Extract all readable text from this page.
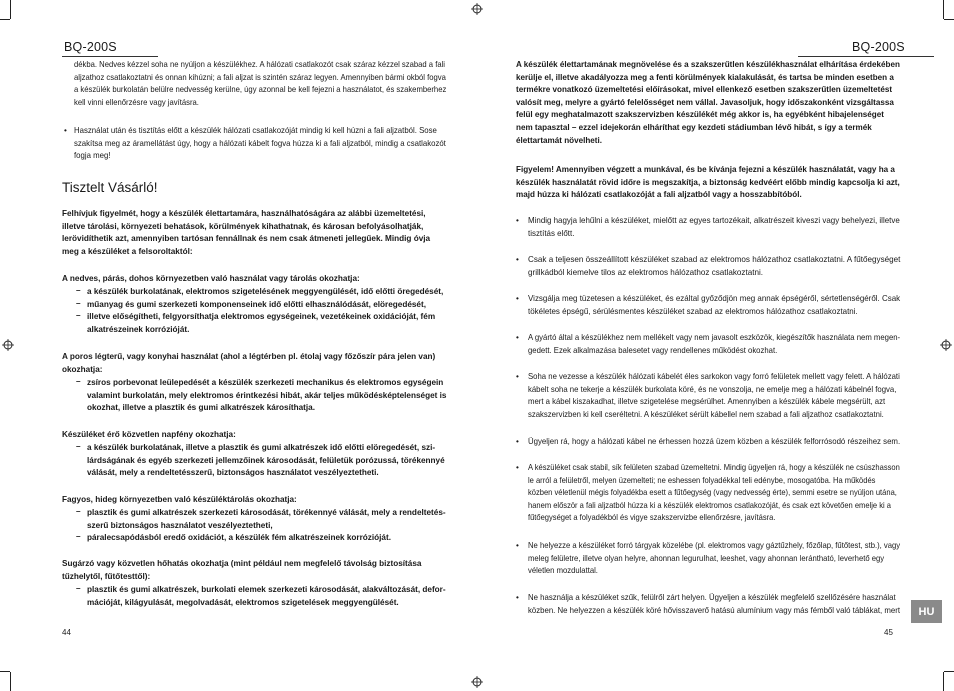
BQ-200S

dékba. Nedves kézzel soha ne nyúljon a készülékhez. A hálózati csatlakozót csak száraz kézzel szabad a fali

aljzathoz csatlakoztatni és onnan kihúzni; a fali aljzat is szintén száraz legyen. Amennyiben bármi okból fogva

a készülék burkolatán belülre nedvesség kerülne, úgy azonnal be kell fejezni a használatot, és szakemberhez

kell vinni ellenőrzésre vagy javításra.

• Használat után és tisztítás előtt a készülék hálózati csatlakozóját mindig ki kell húzni a fali aljzatból. Sose

szakítsa meg az áramellátást úgy, hogy a hálózati kábelt fogva húzza ki a fali aljzatból, mindig a csatlakozót

fogja meg!

Tisztelt Vásárló!

Felhívjuk figyelmét, hogy a készülék élettartamára, használhatóságára az alábbi üzemeltetési,

illetve tárolási, környezeti behatások, körülmények kihathatnak, és károsan befolyásolhatják,

lerövidíthetik azt, amennyiben tartósan fennállnak és nem csak átmeneti jellegűek. Mindig óvja

meg a készüléket a felsoroltaktól:

A nedves, párás, dohos környezetben való használat vagy tárolás okozhatja:
– a készülék burkolatának, elektromos szigetelésének meggyengülését, idő előtti öregedését,

– műanyag és gumi szerkezeti komponenseinek idő előtti elhasználódását, elöregedését,

– illetve előségítheti, felgyorsíthatja elektromos egységeinek, vezetékeinek oxidációját, fém

alkatrészeinek korrózióját.

A poros légterű, vagy konyhai használat (ahol a légtérben pl. étolaj vagy főzőszír pára jelen van)

okozhatja:

– zsíros porbevonat leülepedését a készülék szerkezeti mechanikus és elektromos egységein

valamint burkolatán, mely elektromos érintkezési hibát, akár teljes működésképtelenséget is

okozhat, illetve a plasztik és gumi alkatrészek károsíthatja.

Készüléket érő közvetlen napfény okozhatja:
– a készülék burkolatának, illetve a plasztik és gumi alkatrészek idő előtti elöregedését, szi-

lárdságának és egyéb szerkezeti jellemzőinek károsodását, felületük porózussá, törékennyé

válását, mely a rendeltetésszerű, biztonságos használatot veszélyeztetheti.

Fagyos, hideg környezetben való készüléktárolás okozhatja:
– plasztik és gumi alkatrészek szerkezeti károsodását, törékennyé válását, mely a rendeltetés-

szerű biztonságos használatot veszélyeztetheti,

– páralecsapódásból eredő oxidációt, a készülék fém alkatrészeinek korrózióját.

Sugárzó vagy közvetlen hőhatás okozhatja (mint például nem megfelelő távolság biztosítása

tűzhelytől, fűtőtesttől):

– plasztik és gumi alkatrészek, burkolati elemek szerkezeti károsodását, alakváltozását, defor-

mációját, kilágyulását, megolvadását, elektromos szigetelések meggyengülését.

44
BQ-200S

A készülék élettartamának megnövelése és a szakszerűtlen készülékhasználat elhárítása érdekében

kerülje el, illetve akadályozza meg a fenti körülmények kialakulását, és tartsa be minden esetben a

termékre vonatkozó üzemeltetési előírásokat, mivel ellenkező esetben szakszerűtlen üzemeltetést

valósít meg, melyre a gyártó felelősséget nem vállal. Javasoljuk, hogy időszakonként vizsgáltassa

felül egy meghatalmazott szakszervizben készülékét még akkor is, ha egyébként hibajelenséget

nem tapasztal – ezzel idejekorán elháríthat egy kezdeti stádiumban lévő hibát, s így a termék

élettartamát növelheti.

Figyelem! Amennyiben végzett a munkával, és be kívánja fejezni a készülék használatát, vagy ha a

készülék használatát rövid időre is megszakítja, a biztonság kedvéért előbb mindig kapcsolja ki azt,

majd húzza ki hálózati csatlakozóját a fali aljzatból vagy a hosszabbítóból.

• Mindig hagyja lehűlni a készüléket, mielőtt az egyes tartozékait, alkatrészeit kiveszi vagy behelyezi, illetve

tisztítás előtt.

• Csak a teljesen összeállított készüléket szabad az elektromos hálózathoz csatlakoztatni. A fűtőegységet

grillkádból kiemelve tilos az elektromos hálózathoz csatlakoztatni.

• Vizsgálja meg tüzetesen a készüléket, és ezáltal győződjön meg annak épségéről, sértetlenségéről. Csak

tökéletes épségű, sérülésmentes készüléket szabad az elektromos hálózathoz csatlakoztatni.

• A gyártó által a készülékhez nem mellékelt vagy nem javasolt eszközök, kiegészítők használata nem megen-

gedett. Ezek alkalmazása balesetet vagy rendellenes működést okozhat.

• Soha ne vezesse a készülék hálózati kábelét éles sarkokon vagy forró felületek mellett vagy felett. A hálózati

kábelt soha ne tekerje a készülék burkolata köré, és ne vonszolja, ne emelje meg a hálózati kábelnél fogva,

mert a kábel kiszakadhat, illetve szigetelése megsérülhet. Amennyiben a készülék kábele megsérült, azt

szakszervizben ki kell cseréltetni. A készüléket sérült kábellel nem szabad a fali aljzathoz csatlakoztatni.

• Ügyeljen rá, hogy a hálózati kábel ne érhessen hozzá üzem közben a készülék felforrósodó részeihez sem.

• A készüléket csak stabil, sík felületen szabad üzemeltetni. Mindig ügyeljen rá, hogy a készülék ne csúszhasson

le arról a felületről, melyen üzemelteti; ne eshessen folyadékkal teli edénybe, mosogatóba. Ha működés

közben véletlenül mégis folyadékba esett a fűtőegység (vagy nedvesség érte), semmi esetre se nyúljon utána,

hanem először a fali aljzatból húzza ki a készülék elektromos csatlakozóját, és csak ezt követően emelje ki a

fűtőegységet a folyadékból és vigye szakszervizbe ellenőrzésre, javításra.

• Ne helyezze a készüléket forró tárgyak közelébe (pl. elektromos vagy gáztűzhely, főzőlap, fűtőtest, stb.), vagy

meleg felületre, illetve olyan helyre, ahonnan leguruIhat, leeshet, vagy ahonnan lerántható, leverhető egy

véletlen mozdulattal.

• Ne használja a készüléket szűk, felülről zárt helyen. Ügyeljen a készülék megfelelő szellőzésére használat

közben. Ne helyezzen a készülék köré hővisszaverő hatású alumínium vagy más fémből való táblákat, mert

45
HU
